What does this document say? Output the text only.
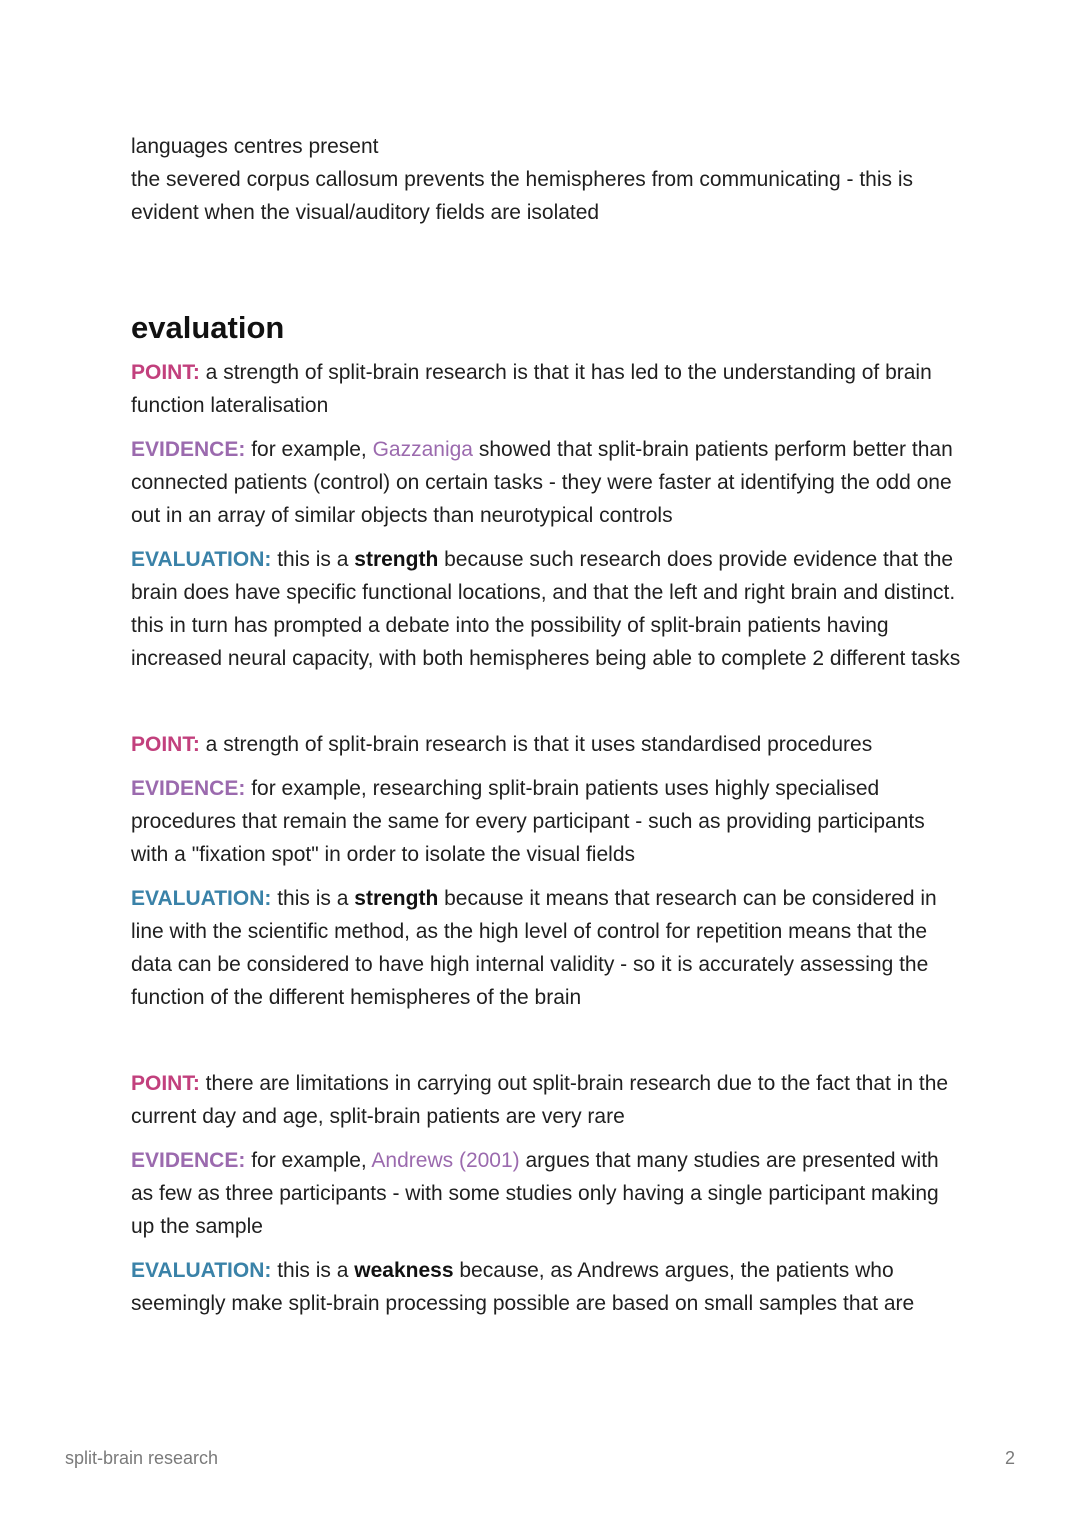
languages centres present

the severed corpus callosum prevents the hemispheres from communicating - this is evident when the visual/auditory fields are isolated

evaluation

POINT: a strength of split-brain research is that it has led to the understanding of brain function lateralisation

EVIDENCE: for example, Gazzaniga showed that split-brain patients perform better than connected patients (control) on certain tasks - they were faster at identifying the odd one out in an array of similar objects than neurotypical controls

EVALUATION: this is a strength because such research does provide evidence that the brain does have specific functional locations, and that the left and right brain and distinct. this in turn has prompted a debate into the possibility of split-brain patients having increased neural capacity, with both hemispheres being able to complete 2 different tasks

POINT: a strength of split-brain research is that it uses standardised procedures

EVIDENCE: for example, researching split-brain patients uses highly specialised procedures that remain the same for every participant - such as providing participants with a "fixation spot" in order to isolate the visual fields

EVALUATION: this is a strength because it means that research can be considered in line with the scientific method, as the high level of control for repetition means that the data can be considered to have high internal validity - so it is accurately assessing the function of the different hemispheres of the brain

POINT: there are limitations in carrying out split-brain research due to the fact that in the current day and age, split-brain patients are very rare

EVIDENCE: for example, Andrews (2001) argues that many studies are presented with as few as three participants - with some studies only having a single participant making up the sample

EVALUATION: this is a weakness because, as Andrews argues, the patients who seemingly make split-brain processing possible are based on small samples that are

split-brain research	2
